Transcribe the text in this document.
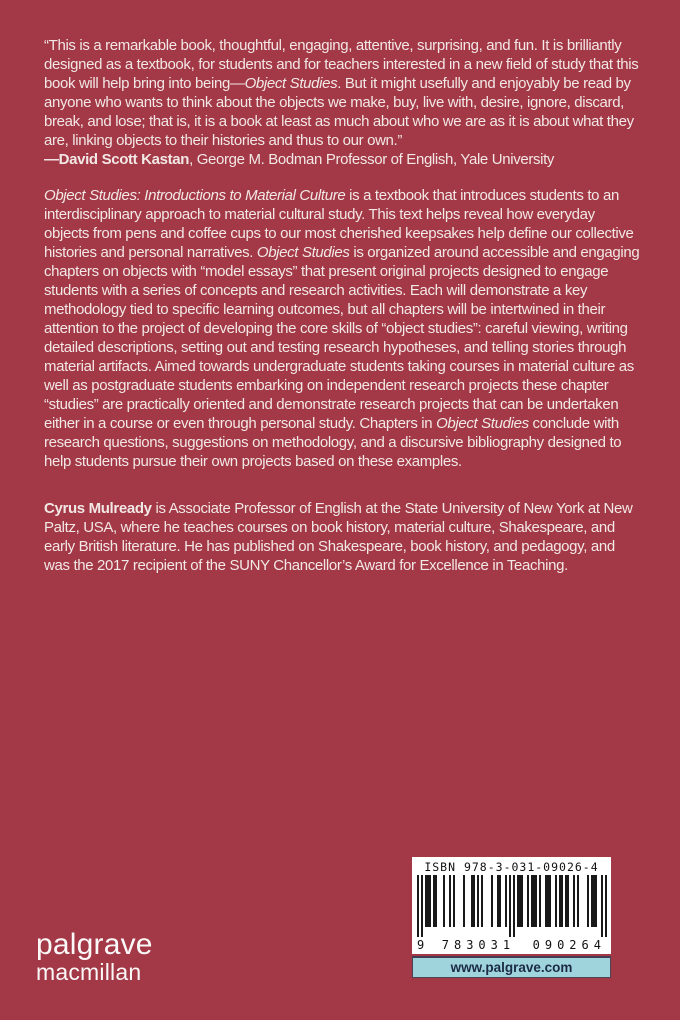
“This is a remarkable book, thoughtful, engaging, attentive, surprising, and fun. It is brilliantly designed as a textbook, for students and for teachers interested in a new field of study that this book will help bring into being—Object Studies. But it might usefully and enjoyably be read by anyone who wants to think about the objects we make, buy, live with, desire, ignore, discard, break, and lose; that is, it is a book at least as much about who we are as it is about what they are, linking objects to their histories and thus to our own.”

—David Scott Kastan, George M. Bodman Professor of English, Yale University

Object Studies: Introductions to Material Culture is a textbook that introduces students to an interdisciplinary approach to material cultural study. This text helps reveal how everyday objects from pens and coffee cups to our most cherished keepsakes help define our collective histories and personal narratives. Object Studies is organized around accessible and engaging chapters on objects with “model essays” that present original projects designed to engage students with a series of concepts and research activities. Each will demonstrate a key methodology tied to specific learning outcomes, but all chapters will be intertwined in their attention to the project of developing the core skills of “object studies”: careful viewing, writing detailed descriptions, setting out and testing research hypotheses, and telling stories through material artifacts. Aimed towards undergraduate students taking courses in material culture as well as postgraduate students embarking on independent research projects these chapter “studies” are practically oriented and demonstrate research projects that can be undertaken either in a course or even through personal study. Chapters in Object Studies conclude with research questions, suggestions on methodology, and a discursive bibliography designed to help students pursue their own projects based on these examples.

Cyrus Mulready is Associate Professor of English at the State University of New York at New Paltz, USA, where he teaches courses on book history, material culture, Shakespeare, and early British literature. He has published on Shakespeare, book history, and pedagogy, and was the 2017 recipient of the SUNY Chancellor’s Award for Excellence in Teaching.

palgrave
macmillan
ISBN 978-3-031-09026-4
9 783031 090264
www.palgrave.com
